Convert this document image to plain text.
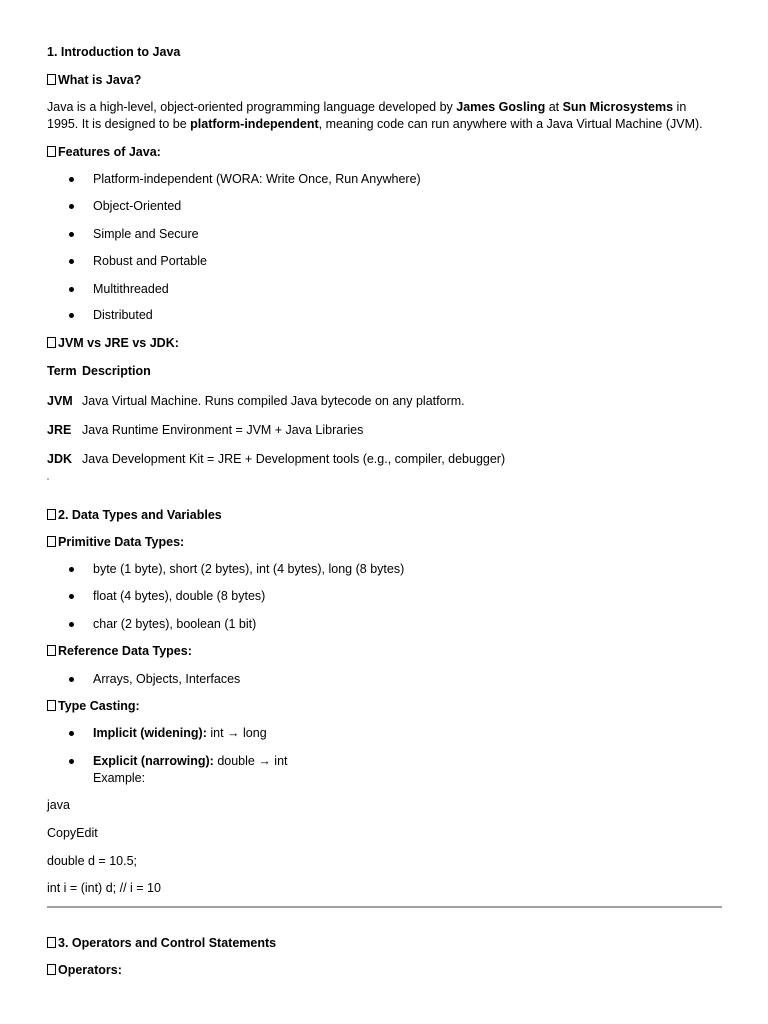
1. Introduction to Java
What is Java?
Java is a high-level, object-oriented programming language developed by James Gosling at Sun Microsystems in
1995. It is designed to be platform-independent, meaning code can run anywhere with a Java Virtual Machine (JVM).
Features of Java:
Platform-independent (WORA: Write Once, Run Anywhere)
Object-Oriented
Simple and Secure
Robust and Portable
Multithreaded
Distributed
JVM vs JRE vs JDK:
Term Description
JVM Java Virtual Machine. Runs compiled Java bytecode on any platform.
JRE Java Runtime Environment = JVM + Java Libraries
JDK Java Development Kit = JRE + Development tools (e.g., compiler, debugger)
2. Data Types and Variables
Primitive Data Types:
byte (1 byte), short (2 bytes), int (4 bytes), long (8 bytes)
float (4 bytes), double (8 bytes)
char (2 bytes), boolean (1 bit)
Reference Data Types:
Arrays, Objects, Interfaces
Type Casting:
Implicit (widening): int → long
Explicit (narrowing): double → int
Example:
java
CopyEdit
double d = 10.5;
int i = (int) d; // i = 10
3. Operators and Control Statements
Operators:
